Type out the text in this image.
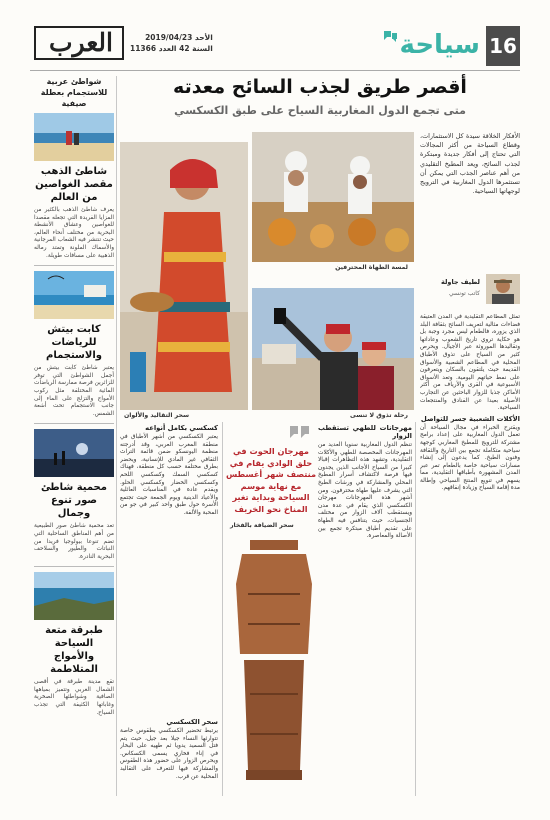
16
سياحة
العرب	الأحد 2019/04/23
السنة 42 العدد 11366
شواطئ عربية للاستجمام بعطلة صيفية
شاطئ الذهب مقصد الغواصين من العالم
يعرف شاطئ الذهب بالكثير من المزايا الفريدة التي تجعله مقصدا للغواصين وعشاق الأنشطة البحرية من مختلف أنحاء العالم، حيث تنتشر فيه الشعاب المرجانية والأسماك الملونة وتمتد رماله الذهبية على مسافات طويلة.
كابت بيتش للرياضات والاستجمام
يعتبر شاطئ كابت بيتش من أجمل الشواطئ التي توفر للزائرين فرصة ممارسة الرياضات المائية المختلفة مثل ركوب الأمواج والتزلج على الماء إلى جانب الاستجمام تحت أشعة الشمس.
محمية شاطئ صور تنوع وجمال
تعد محمية شاطئ صور الطبيعية من أهم المناطق الساحلية التي تضم تنوعا بيولوجيا فريدا من النباتات والطيور والسلاحف البحرية النادرة.
طبرقة متعة السياحة والأمواج المتلاطمة
تقع مدينة طبرقة في أقصى الشمال الغربي وتتميز بمياهها الصافية وشواطئها الصخرية وغاباتها الكثيفة التي تجذب السياح.
أقصر طريق لجذب السائح معدته
متى تجمع الدول المغاربية السياح على طبق الكسكسي
الأفكار الخلاقة سيدة كل الاستثمارات، وقطاع السياحة من أكثر المجالات التي تحتاج إلى أفكار جديدة ومبتكرة لجذب السائح، ويعد المطبخ التقليدي من أهم عناصر الجذب التي يمكن أن تستثمرها الدول المغاربية في الترويج لوجهاتها السياحية.
لمسة الطهاة المحترفين
سحر التقاليد والألوان	رحلة تذوق لا تنسى
لطيف جاولة
كاتب تونسي
تمثل المطاعم التقليدية في المدن العتيقة فضاءات مثالية لتعريف السائح بثقافة البلد الذي يزوره، فالطعام ليس مجرد وجبة بل هو حكاية تروي تاريخ الشعوب وعاداتها وتقاليدها الموروثة عبر الأجيال. ويحرص كثير من السياح على تذوق الأطباق المحلية في المطاعم الشعبية والأسواق القديمة حيث يلتقون بالسكان ويتعرفون على نمط حياتهم اليومية. وتعد الأسواق الأسبوعية في القرى والأرياف من أكثر الأماكن جذبا للزوار الباحثين عن التجارب الأصيلة بعيدا عن الفنادق والمنتجعات السياحية.
الأكلات الشعبية جسر للتواصل
ويقترح الخبراء في مجال السياحة أن تعمل الدول المغاربية على إعداد برامج مشتركة للترويج للمطبخ المغاربي كوجهة سياحية متكاملة تجمع بين التاريخ والثقافة وفنون الطبخ. كما يدعون إلى إنشاء مسارات سياحية خاصة بالطعام تمر عبر المدن المشهورة بأطباقها التقليدية، مما يسهم في تنويع المنتج السياحي وإطالة مدة إقامة السياح وزيادة إنفاقهم.
مهرجانات للطهي تستقطب الزوار
تنظم الدول المغاربية سنويا العديد من المهرجانات المخصصة للطهي والأكلات التقليدية، وتشهد هذه التظاهرات إقبالا كبيرا من السياح الأجانب الذين يجدون فيها فرصة لاكتشاف أسرار المطبخ المحلي والمشاركة في ورشات الطبخ التي يشرف عليها طهاة محترفون. ومن أشهر هذه المهرجانات مهرجان الكسكسي الذي يقام في عدة مدن ويستقطب آلاف الزوار من مختلف الجنسيات، حيث يتنافس فيه الطهاة على تقديم أطباق مبتكرة تجمع بين الأصالة والمعاصرة.
مهرجان الحوت في حلق الوادي يقام في منتصف شهر أغسطس مع نهاية موسم السياحة وبداية تغير المناخ نحو الخريف
كسكسي بكامل أنواعه
يعتبر الكسكسي من أشهر الأطباق في منطقة المغرب العربي، وقد أدرجته منظمة اليونسكو ضمن قائمة التراث الثقافي غير المادي للإنسانية، ويحضر بطرق مختلفة حسب كل منطقة، فهناك كسكسي السمك وكسكسي اللحم وكسكسي الخضار وكسكسي الحلو. ويقدم عادة في المناسبات العائلية والأعياد الدينية ويوم الجمعة حيث تجتمع الأسرة حول طبق واحد كبير في جو من المحبة والألفة.
سحر الكسكسي
يرتبط تحضير الكسكسي بطقوس خاصة تتوارثها النساء جيلا بعد جيل، حيث يتم فتل السميد يدويا ثم طهيه على البخار في إناء فخاري يسمى الكسكاس. ويحرص الزوار على حضور هذه الطقوس والمشاركة فيها للتعرف على التقاليد المحلية عن قرب.
سحر الضيافة بالفخار
